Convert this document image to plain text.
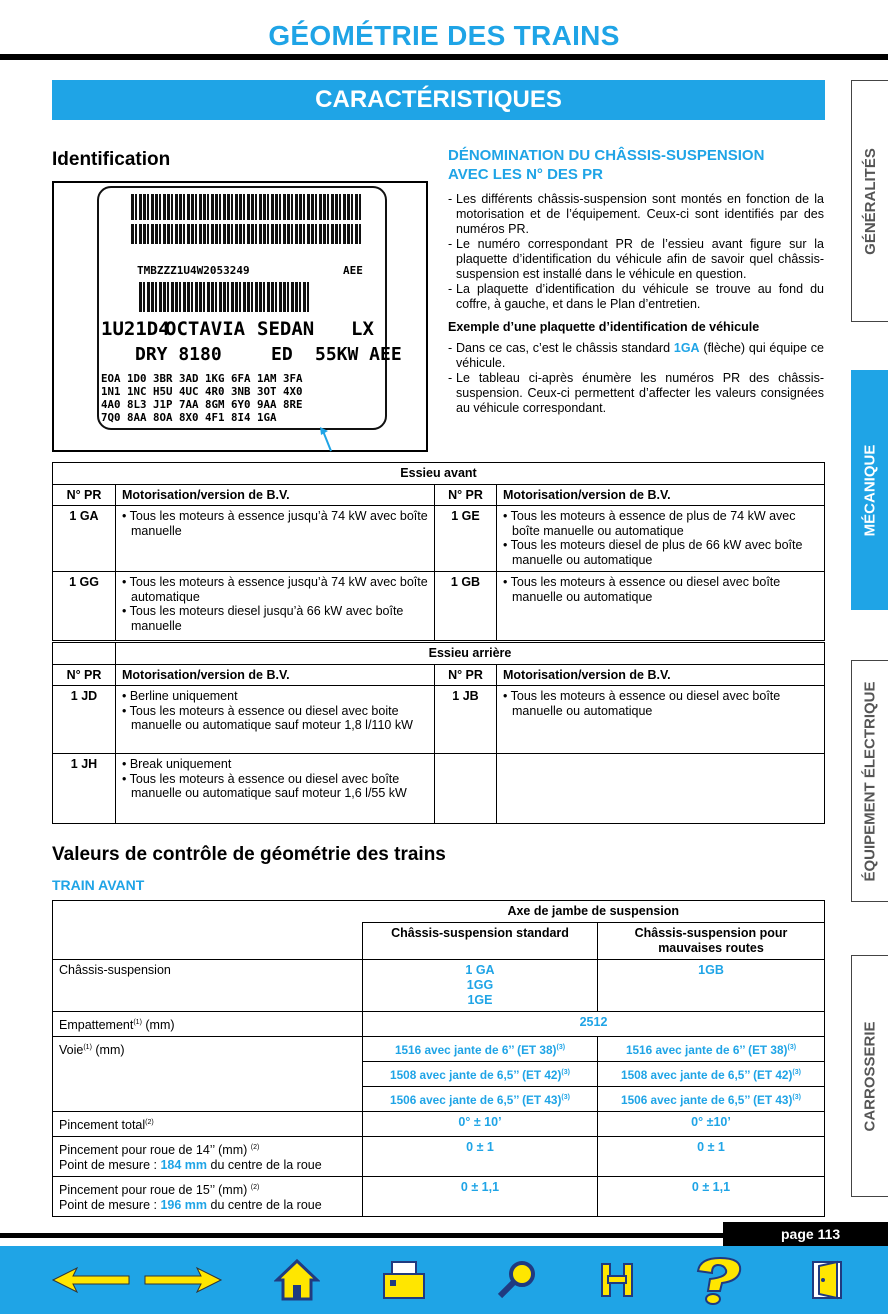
GÉOMÉTRIE DES TRAINS
CARACTÉRISTIQUES
Identification
TMBZZZ1U4W2053249	AEE
1U21D4
OCTAVIA SEDAN LX
DRY 8180	ED 55KW AEE
EOA 1D0 3BR 3AD 1KG 6FA 1AM 3FA
1N1 1NC H5U 4UC 4R0 3NB 3OT 4X0
4A0 8L3 J1P 7AA 8GM 6Y0 9AA 8RE
7Q0 8AA 8OA 8X0 4F1 8I4 1GA
DÉNOMINATION DU CHÂSSIS-SUSPENSION AVEC LES N° DES PR

- Les différents châssis-suspension sont montés en fonction de la motorisation et de l’équipement. Ceux-ci sont identifiés par des numéros PR.

- Le numéro correspondant PR de l’essieu avant figure sur la plaquette d’identification du véhicule afin de savoir quel châssis-suspension est installé dans le véhicule en question.

- La plaquette d’identification du véhicule se trouve au fond du coffre, à gauche, et dans le Plan d’entretien.

Exemple d’une plaquette d’identification de véhicule

- Dans ce cas, c’est le châssis standard 1GA (flèche) qui équipe ce véhicule.

- Le tableau ci-après énumère les numéros PR des châssis-suspension. Ceux-ci permettent d’affecter les valeurs consignées au véhicule correspondant.

Essieu avant			
N° PR	Motorisation/version de B.V.	N° PR	Motorisation/version de B.V.
1 GA	• Tous les moteurs à essence jusqu’à 74 kW avec boîte manuelle	1 GE	• Tous les moteurs à essence de plus de 74 kW avec boîte manuelle ou automatique
• Tous les moteurs diesel de plus de 66 kW avec boîte manuelle ou automatique

1 GG	• Tous les moteurs à essence jusqu’à 74 kW avec boîte automatique
• Tous les moteurs diesel jusqu’à 66 kW avec boîte manuelle	1 GB	• Tous les moteurs à essence ou diesel avec boîte manuelle ou automatique

	Essieu arrière		
N° PR	Motorisation/version de B.V.	N° PR	Motorisation/version de B.V.
1 JD	• Berline uniquement
• Tous les moteurs à essence ou diesel avec boite manuelle ou automatique sauf moteur 1,8 l/110 kW	1 JB	• Tous les moteurs à essence ou diesel avec boîte manuelle ou automatique

1 JH	• Break uniquement
• Tous les moteurs à essence ou diesel avec boîte manuelle ou automatique sauf moteur 1,6 l/55 kW		

Valeurs de contrôle de géométrie des trains
TRAIN AVANT
	Axe de jambe de suspension	
	Châssis-suspension standard	Châssis-suspension pour mauvaises routes
Châssis-suspension	1 GA
1GG
1GE	1GB
Empattement$^{(1)}$ (mm)	2512	
Voie$^{(1)}$ (mm)	1516 avec jante de 6’’ (ET 38)$^{(3)}$	1516 avec jante de 6’’ (ET 38)$^{(3)}$
	1508 avec jante de 6,5’’ (ET 42)$^{(3)}$	1508 avec jante de 6,5’’ (ET 42)$^{(3)}$
	1506 avec jante de 6,5’’ (ET 43)$^{(3)}$	1506 avec jante de 6,5’’ (ET 43)$^{(3)}$
Pincement total$^{(2)}$	0° ± 10’	0° ±10’
Pincement pour roue de 14’’ (mm) $^{(2)}$
Point de mesure : 184 mm du centre de la roue	0 ± 1	0 ± 1
Pincement pour roue de 15’’ (mm) $^{(2)}$
Point de mesure : 196 mm du centre de la roue	0 ± 1,1	0 ± 1,1
GÉNÉRALITÉS
MÉCANIQUE
ÉQUIPEMENT ÉLECTRIQUE
CARROSSERIE
page 113
